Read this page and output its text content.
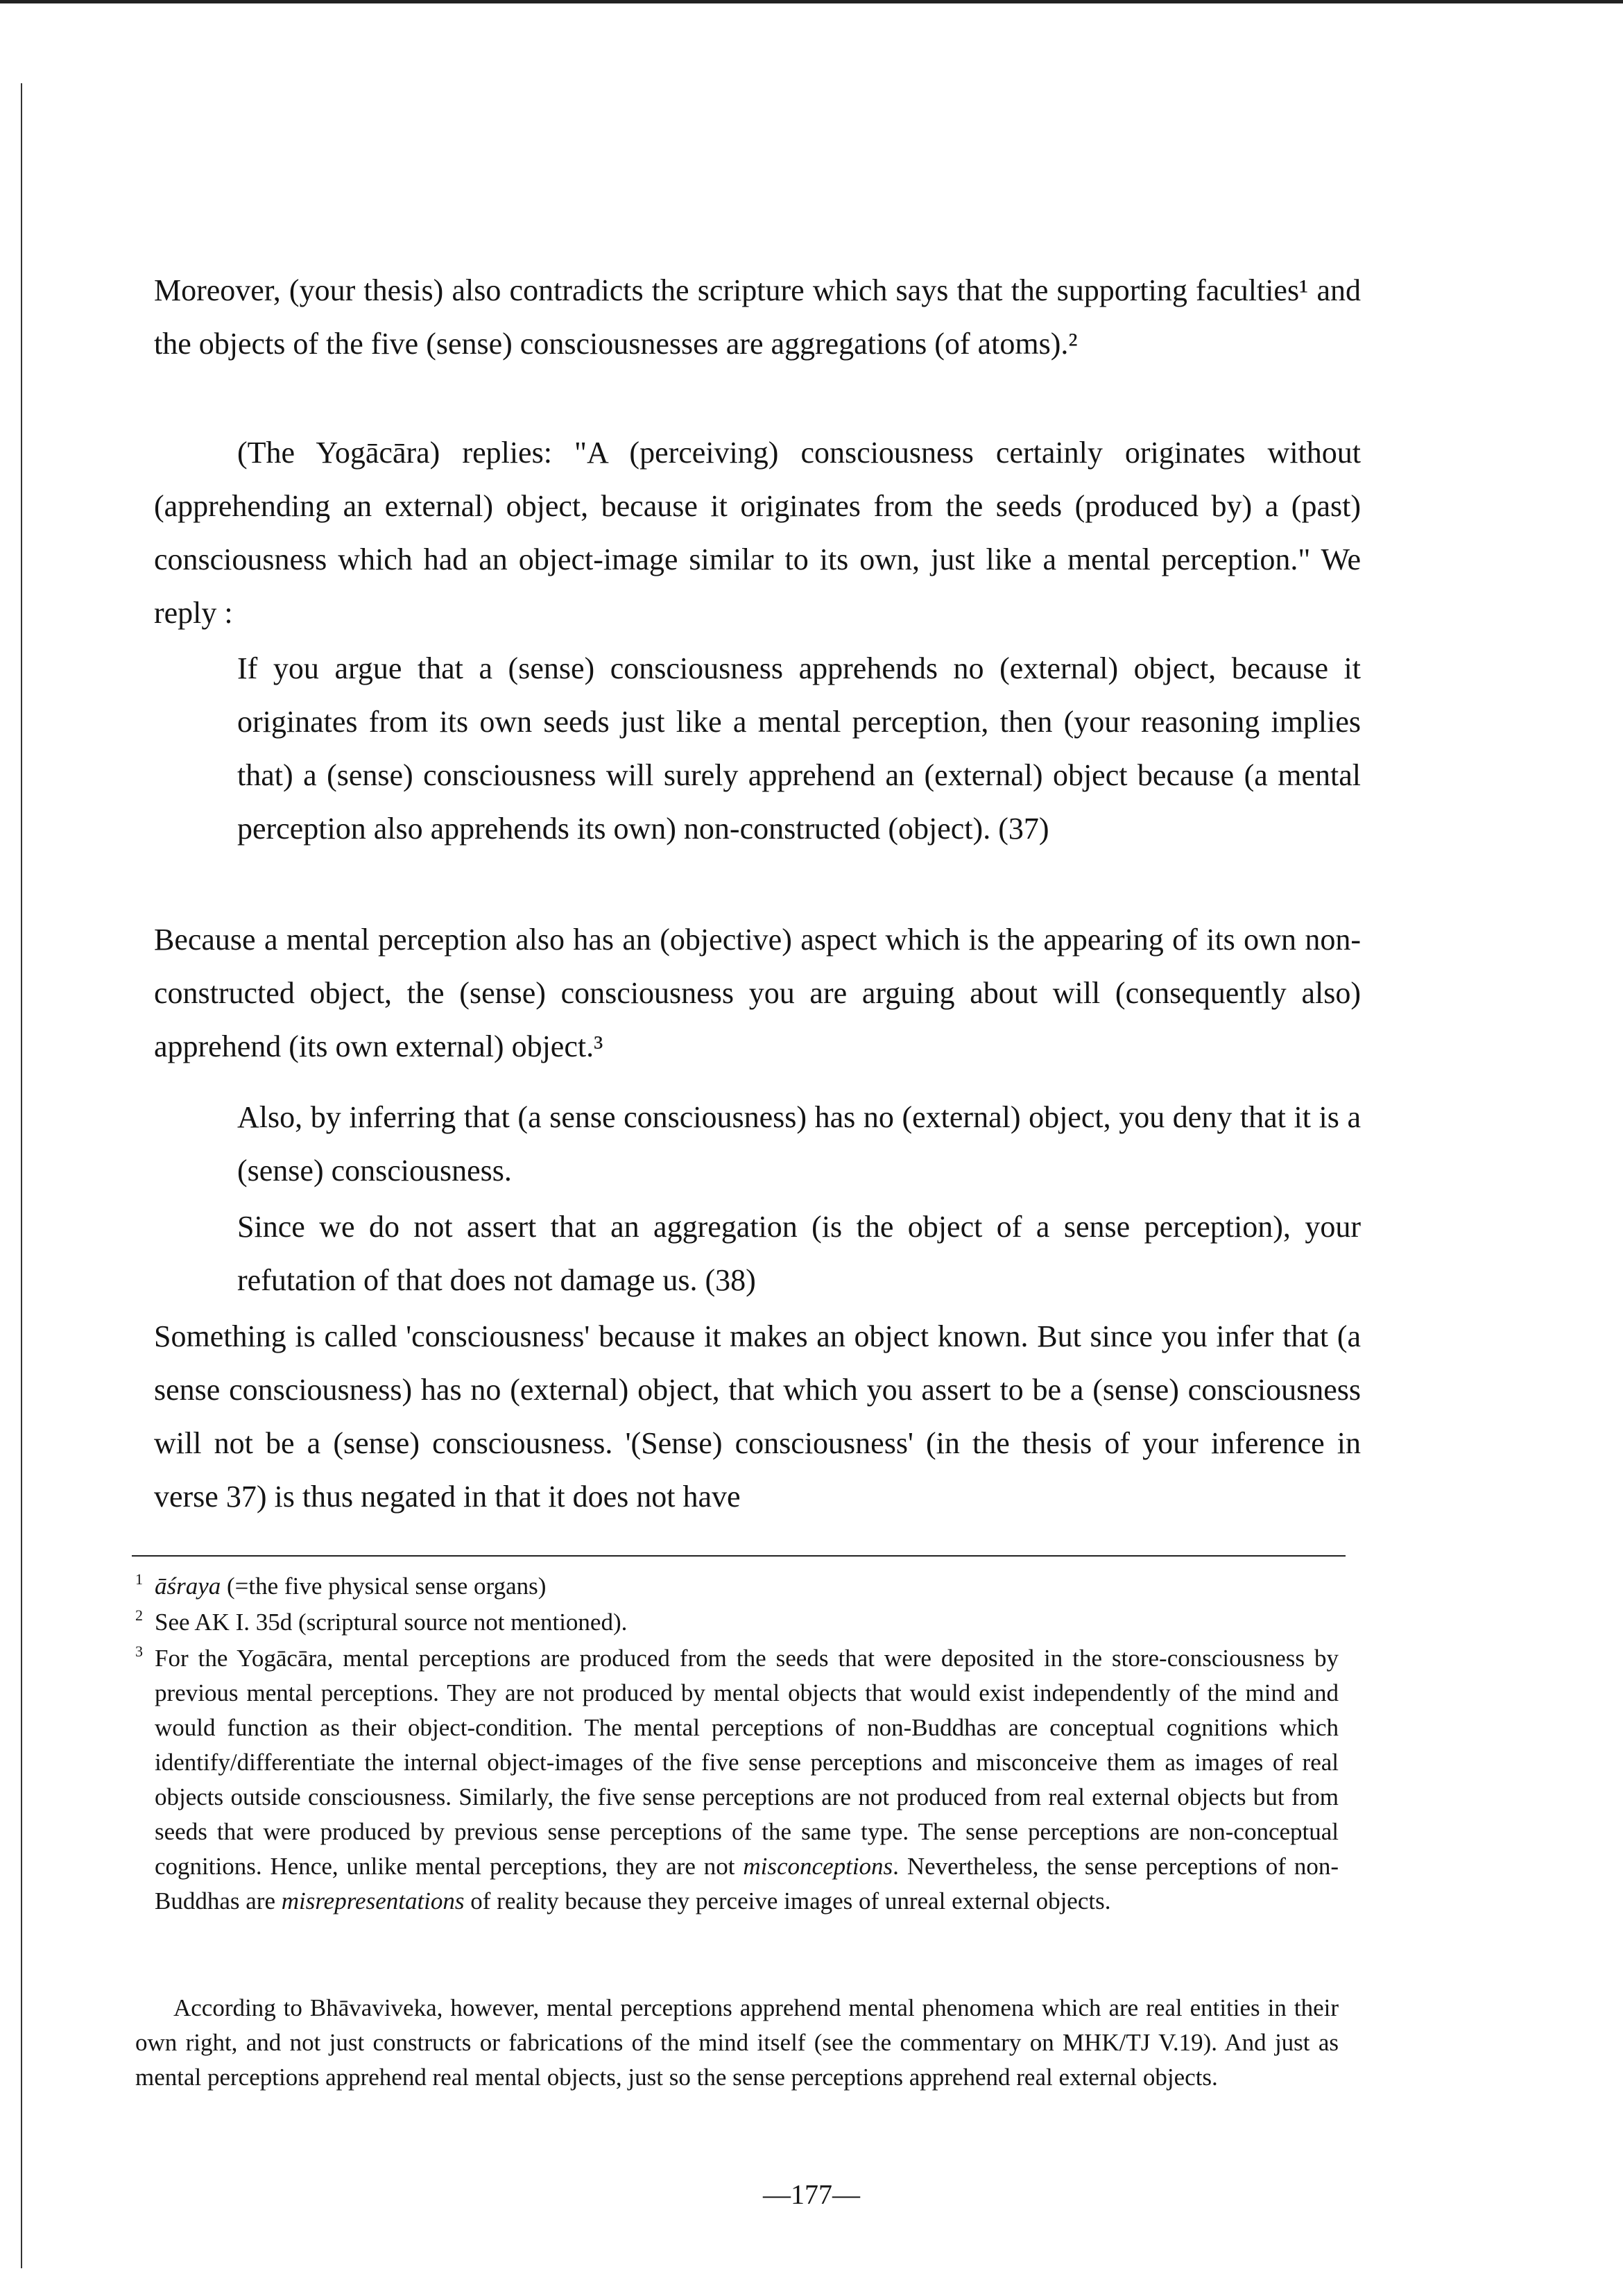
Moreover, (your thesis) also contradicts the scripture which says that the supporting faculties¹ and the objects of the five (sense) consciousnesses are aggregations (of atoms).²

(The Yogācāra) replies: "A (perceiving) consciousness certainly originates without (apprehending an external) object, because it originates from the seeds (produced by) a (past) consciousness which had an object-image similar to its own, just like a mental perception." We reply :

If you argue that a (sense) consciousness apprehends no (external) object, because it originates from its own seeds just like a mental perception, then (your reasoning implies that) a (sense) consciousness will surely apprehend an (external) object because (a mental perception also apprehends its own) non-constructed (object). (37)

Because a mental perception also has an (objective) aspect which is the appearing of its own non-constructed object, the (sense) consciousness you are arguing about will (consequently also) apprehend (its own external) object.³

Also, by inferring that (a sense consciousness) has no (external) object, you deny that it is a (sense) consciousness.

Since we do not assert that an aggregation (is the object of a sense perception), your refutation of that does not damage us. (38)

Something is called 'consciousness' because it makes an object known. But since you infer that (a sense consciousness) has no (external) object, that which you assert to be a (sense) consciousness will not be a (sense) consciousness. '(Sense) consciousness' (in the thesis of your inference in verse 37) is thus negated in that it does not have

1 āśraya (=the five physical sense organs)

2 See AK I. 35d (scriptural source not mentioned).

3 For the Yogācāra, mental perceptions are produced from the seeds that were deposited in the store-consciousness by previous mental perceptions. They are not produced by mental objects that would exist independently of the mind and would function as their object-condition. The mental perceptions of non-Buddhas are conceptual cognitions which identify/differentiate the internal object-images of the five sense perceptions and misconceive them as images of real objects outside consciousness. Similarly, the five sense perceptions are not produced from real external objects but from seeds that were produced by previous sense perceptions of the same type. The sense perceptions are non-conceptual cognitions. Hence, unlike mental perceptions, they are not misconceptions. Nevertheless, the sense perceptions of non-Buddhas are misrepresentations of reality because they perceive images of unreal external objects.

According to Bhāvaviveka, however, mental perceptions apprehend mental phenomena which are real entities in their own right, and not just constructs or fabrications of the mind itself (see the commentary on MHK/TJ V.19). And just as mental perceptions apprehend real mental objects, just so the sense perceptions apprehend real external objects.

—177—
